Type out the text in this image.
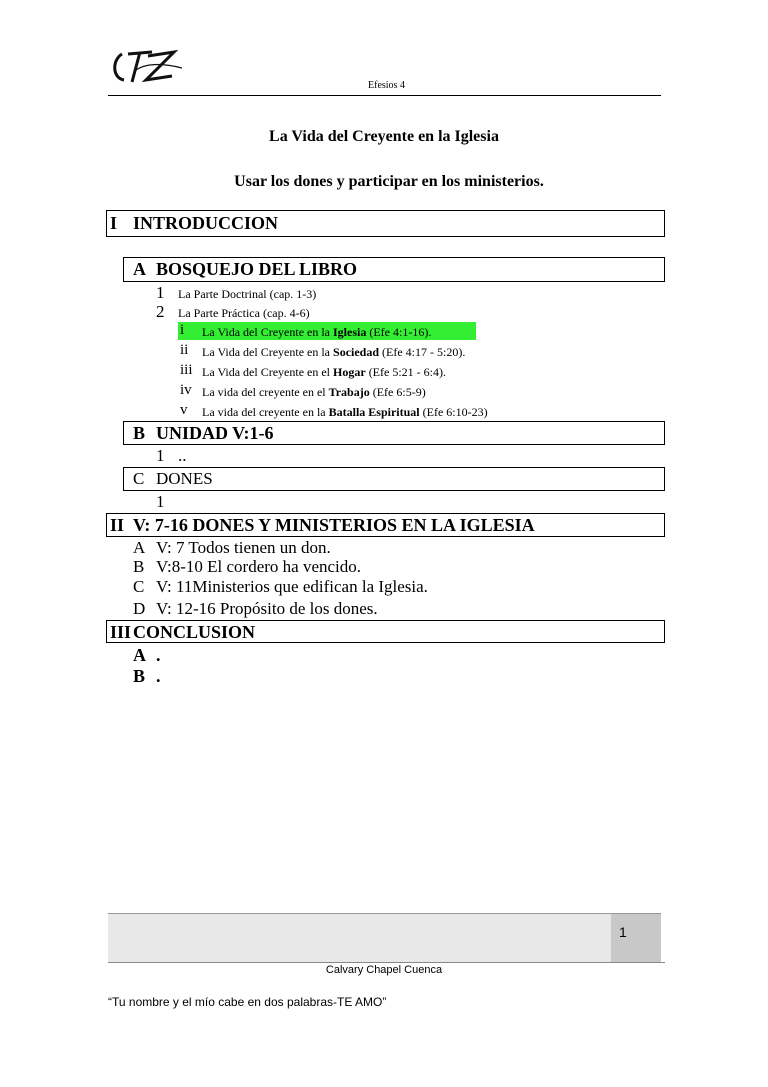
Efesios 4
La Vida del Creyente en la Iglesia
Usar los dones y participar en los ministerios.
I INTRODUCCION
A BOSQUEJO DEL LIBRO
1 La Parte Doctrinal (cap. 1-3)
2 La Parte Práctica (cap. 4-6)
i La Vida del Creyente en la Iglesia (Efe 4:1-16).
ii La Vida del Creyente en la Sociedad (Efe 4:17 - 5:20).
iii La Vida del Creyente en el Hogar (Efe 5:21 - 6:4).
iv La vida del creyente en el Trabajo (Efe 6:5-9)
v La vida del creyente en la Batalla Espiritual (Efe 6:10-23)
B UNIDAD V:1-6
1 ..
C DONES
1
II V: 7-16 DONES Y MINISTERIOS EN LA IGLESIA
A V: 7 Todos tienen un don.
B V:8-10 El cordero ha vencido.
C V: 11Ministerios que edifican la Iglesia.
D V: 12-16 Propósito de los dones.
III CONCLUSION
A .
B .
1
Calvary Chapel Cuenca
“Tu nombre y el mío cabe en dos palabras-TE AMO”
